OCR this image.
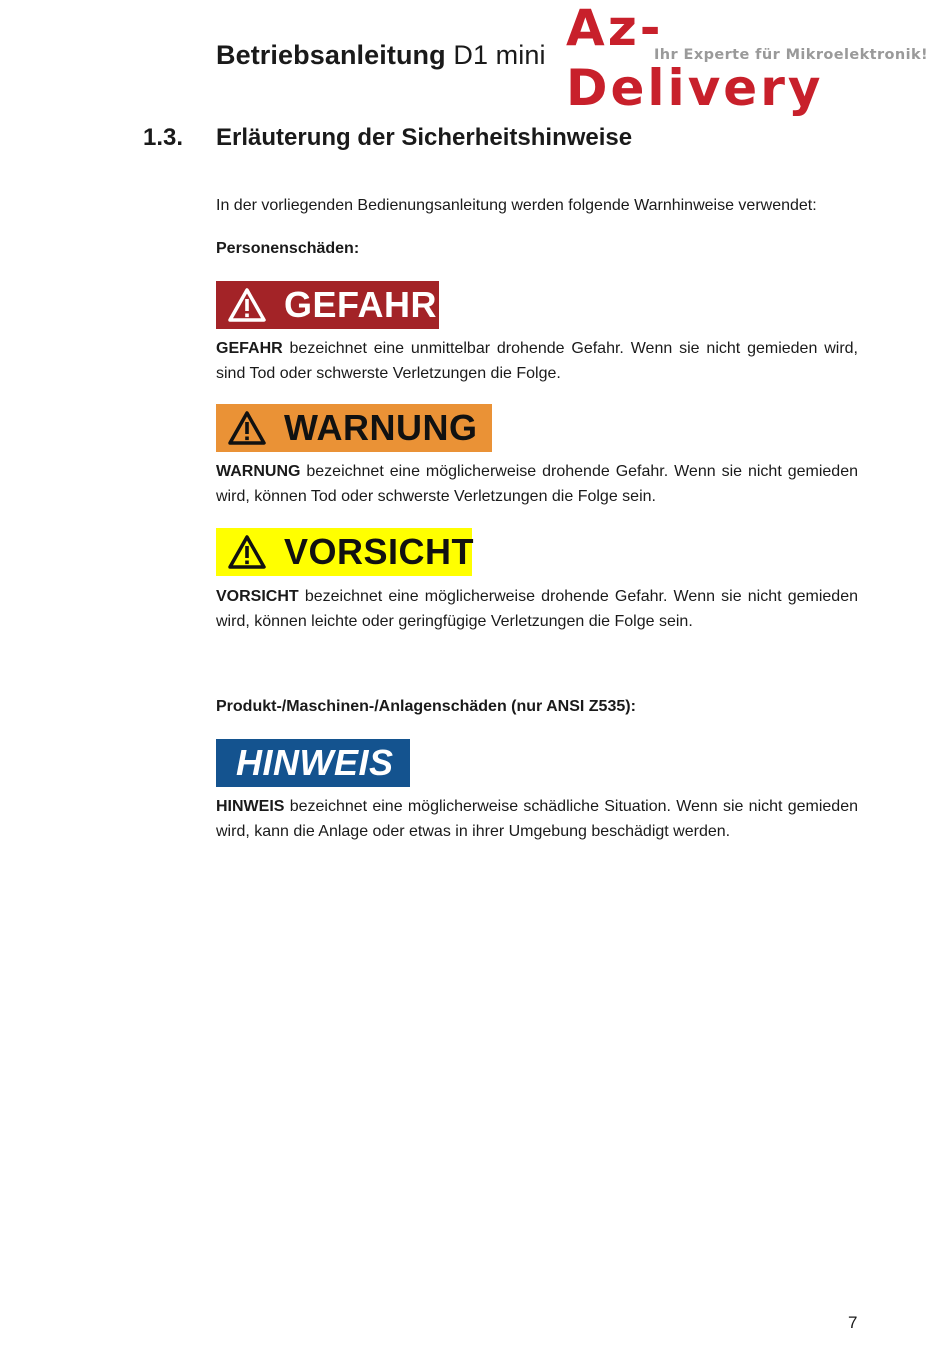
Betriebsanleitung D1 mini Az-Delivery
Ihr Experte für Mikroelektronik!
1.3. Erläuterung der Sicherheitshinweise

In der vorliegenden Bedienungsanleitung werden folgende Warnhinweise verwendet:

Personenschäden:
GEFAHR

GEFAHR bezeichnet eine unmittelbar drohende Gefahr. Wenn sie nicht gemieden wird, sind Tod oder schwerste Verletzungen die Folge.

WARNUNG

WARNUNG bezeichnet eine möglicherweise drohende Gefahr. Wenn sie nicht gemieden wird, können Tod oder schwerste Verletzungen die Folge sein.

VORSICHT

VORSICHT bezeichnet eine möglicherweise drohende Gefahr. Wenn sie nicht gemieden wird, können leichte oder geringfügige Verletzungen die Folge sein.

Produkt-/Maschinen-/Anlagenschäden (nur ANSI Z535):
HINWEIS

HINWEIS bezeichnet eine möglicherweise schädliche Situation. Wenn sie nicht gemieden wird, kann die Anlage oder etwas in ihrer Umgebung beschädigt werden.

7
